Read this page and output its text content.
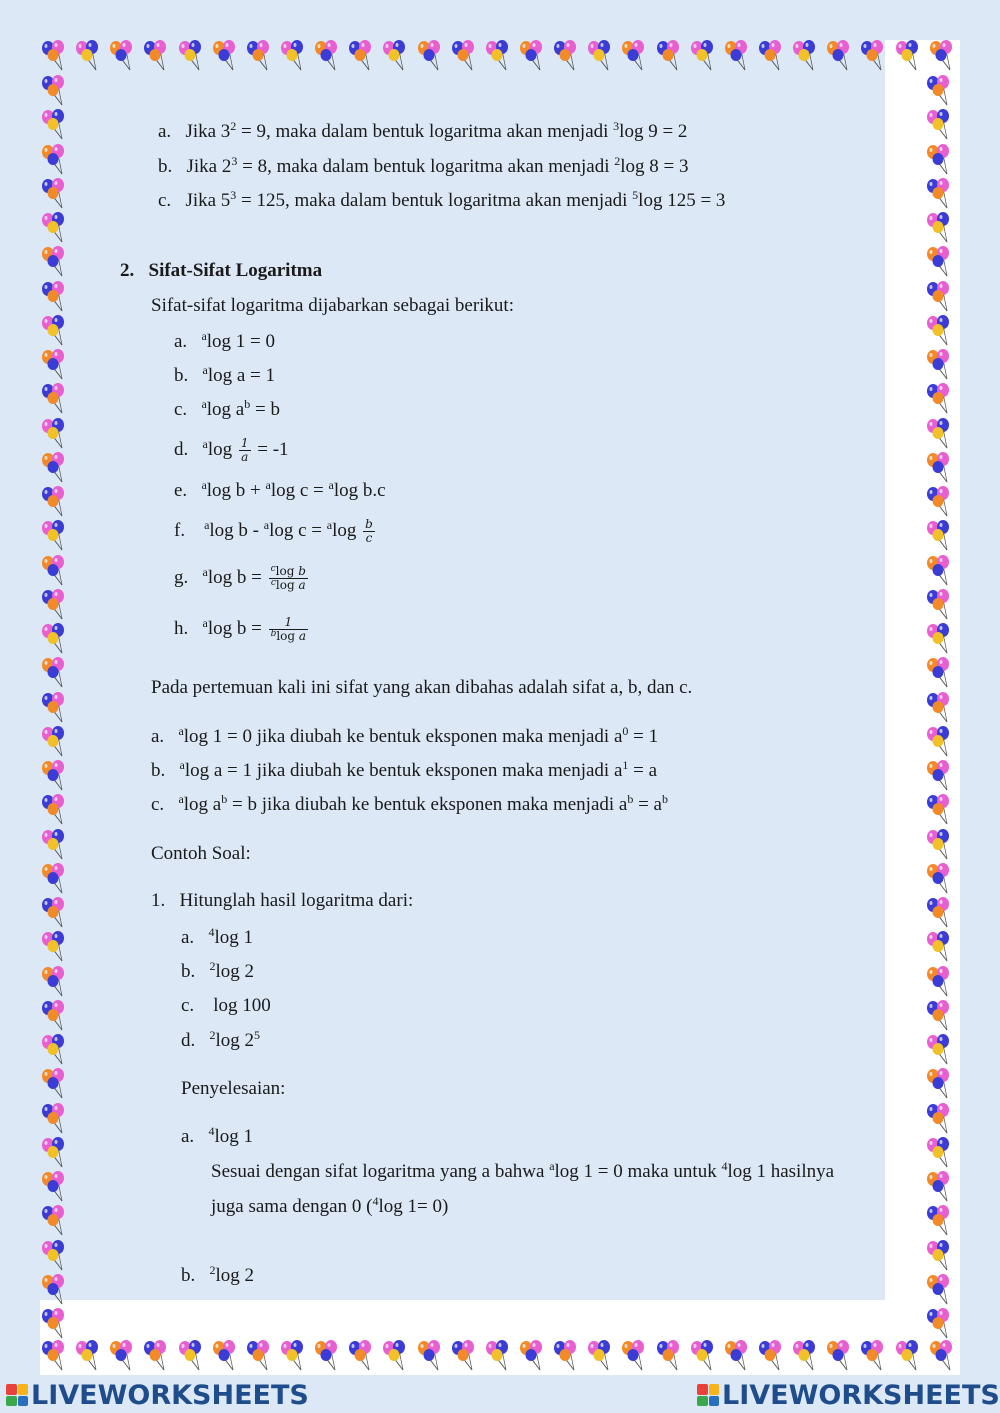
a. Jika $3^2 = 9$, maka dalam bentuk logaritma akan menjadi $^3$log 9 = 2
b. Jika $2^3 = 8$, maka dalam bentuk logaritma akan menjadi $^2$log 8 = 3
c. Jika $5^3 = 125$, maka dalam bentuk logaritma akan menjadi $^5$log 125 = 3
2. Sifat-Sifat Logaritma
Sifat-sifat logaritma dijabarkan sebagai berikut:
a. $^a$log 1 = 0
b. $^a$log a = 1
c. $^a$log $a^b = b$
d. $^a\log \frac{1}{a} = -1$
e. $^a$log b + $^a$log c = $^a$log b.c
f. $^a$log b - $^a$log $c = ^a\log \frac{b}{c}$
g. $^a$log $b = \frac{^c\log b}{^c\log a}$
h. $^a$log $b = \frac{1}{^b\log a}$
Pada pertemuan kali ini sifat yang akan dibahas adalah sifat a, b, dan c.
a. $^a$log 1 = 0 jika diubah ke bentuk eksponen maka menjadi $a^0 = 1$
b. $^a$log a = 1 jika diubah ke bentuk eksponen maka menjadi $a^1 = a$
c. $^a$log $a^b = b$ jika diubah ke bentuk eksponen maka menjadi $a^b = a^b$
Contoh Soal:
1. Hitunglah hasil logaritma dari:
a. $^4$log 1
b. $^2$log 2
c. log 100
d. $^2$log $2^5$
Penyelesaian:
a. $^4$log 1
Sesuai dengan sifat logaritma yang a bahwa $^a$log 1 = 0 maka untuk $^4$log 1 hasilnya
juga sama dengan 0 ($^4$log 1= 0)
b. $^2$log 2
LIVEWORKSHEETS	LIVEWORKSHEETS
